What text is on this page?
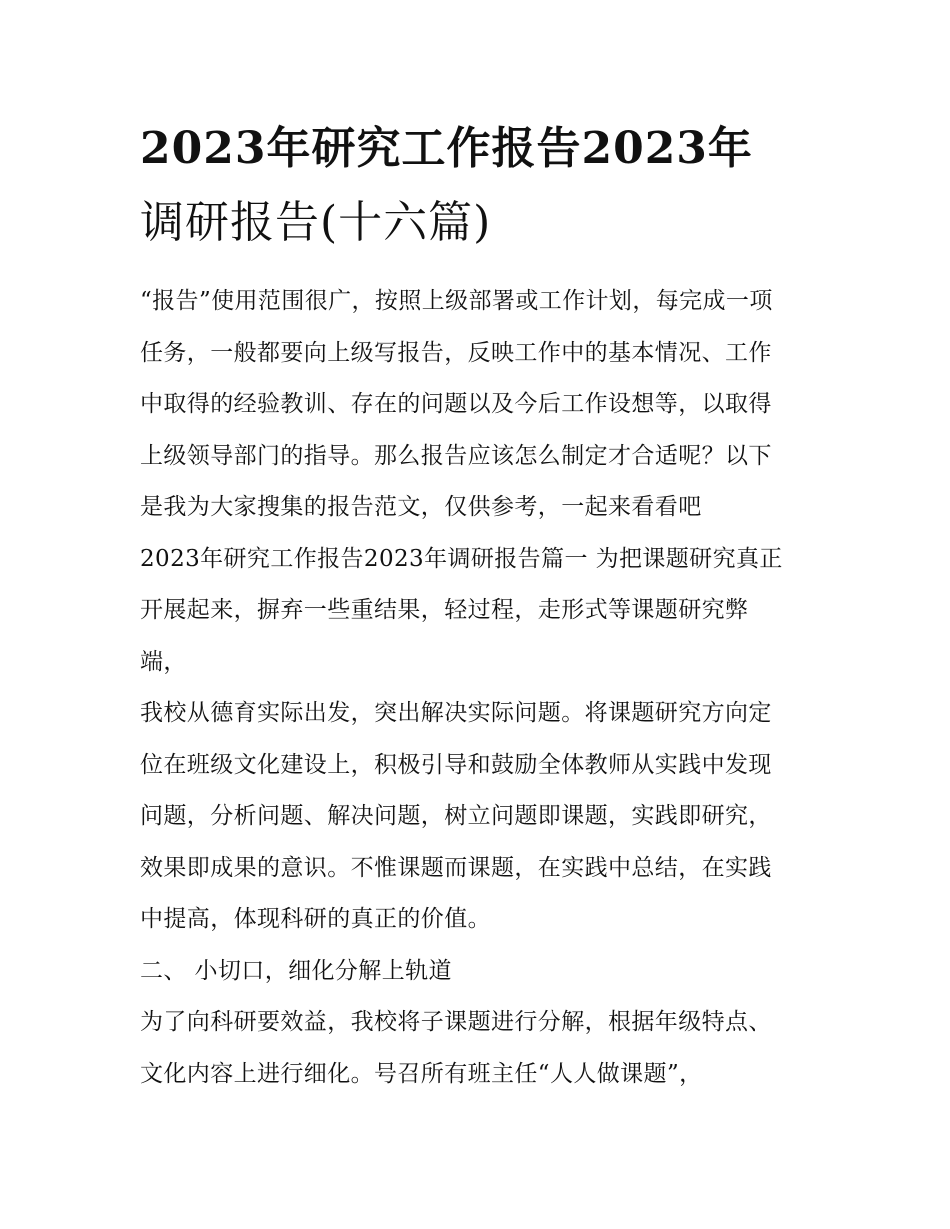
2023年研究工作报告2023年
调研报告(十六篇)
“报告”使用范围很广，按照上级部署或工作计划，每完成一项
任务，一般都要向上级写报告，反映工作中的基本情况、工作
中取得的经验教训、存在的问题以及今后工作设想等，以取得
上级领导部门的指导。那么报告应该怎么制定才合适呢？以下
是我为大家搜集的报告范文，仅供参考，一起来看看吧
2023年研究工作报告2023年调研报告篇一 为把课题研究真正
开展起来，摒弃一些重结果，轻过程，走形式等课题研究弊
端，
我校从德育实际出发，突出解决实际问题。将课题研究方向定
位在班级文化建设上，积极引导和鼓励全体教师从实践中发现
问题，分析问题、解决问题，树立问题即课题，实践即研究，
效果即成果的意识。不惟课题而课题，在实践中总结，在实践
中提高，体现科研的真正的价值。
二、 小切口，细化分解上轨道
为了向科研要效益，我校将子课题进行分解，根据年级特点、
文化内容上进行细化。号召所有班主任“人人做课题”，
